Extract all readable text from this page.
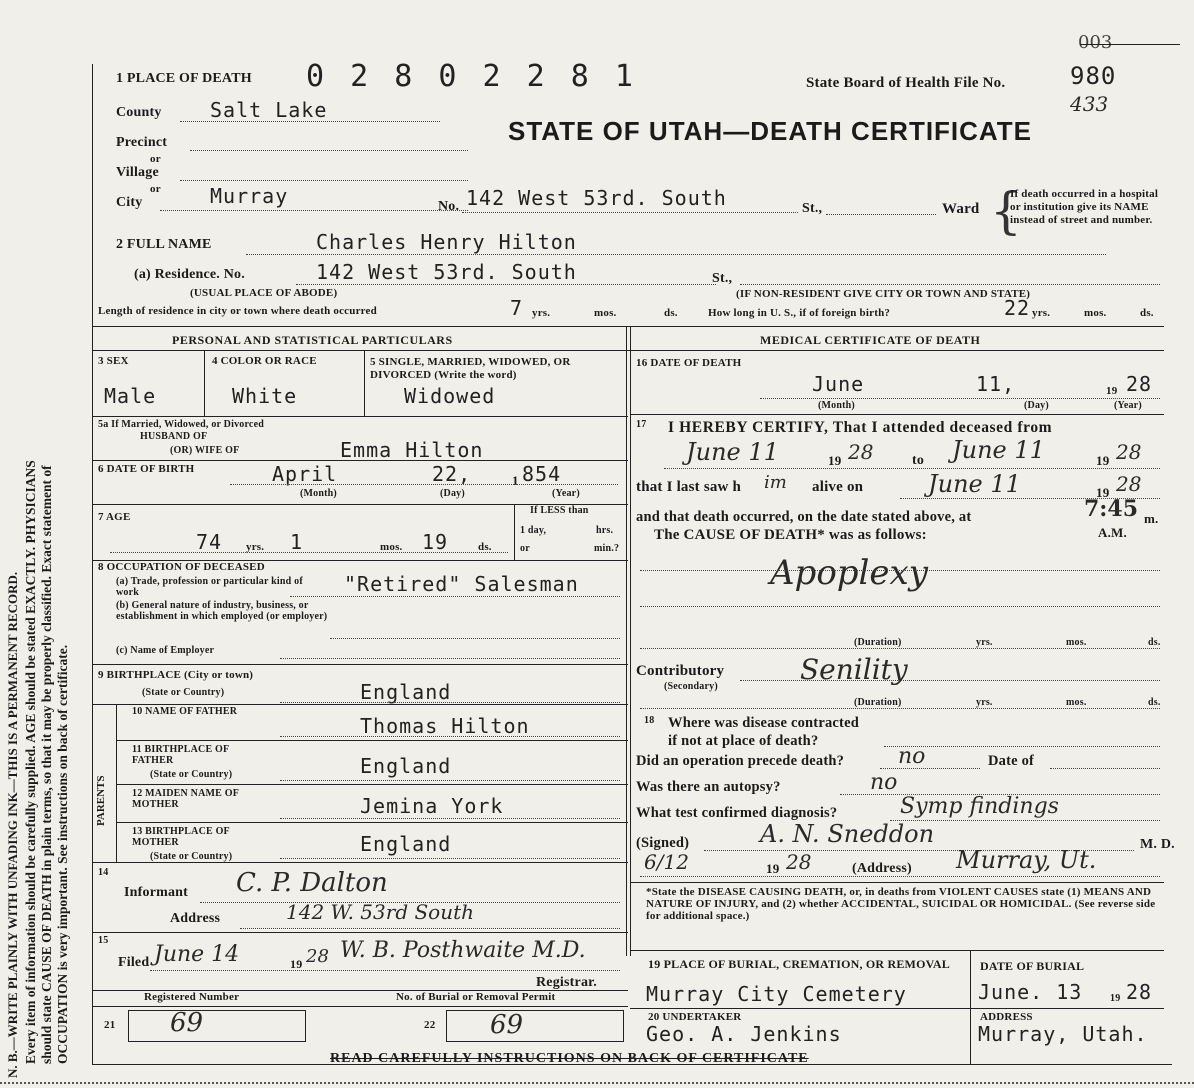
003
N. B.—WRITE PLAINLY WITH UNFADING INK—THIS IS A PERMANENT RECORD. Every item of information should be carefully supplied. AGE should be stated EXACTLY. PHYSICIANS should state CAUSE OF DEATH in plain terms, so that it may be properly classified. Exact statement of OCCUPATION is very important. See instructions on back of certificate.
1 PLACE OF DEATH 0 2 8 0 2 2 8 1	State Board of Health File No.	980
433
County Salt Lake
STATE OF UTAH—DEATH CERTIFICATE
Precinct
or
Village
or
City	Murray	No. 142 West 53rd. South	St.,	Ward {
If death occurred in a hospital or institution give its NAME instead of street and number.
2 FULL NAME	Charles Henry Hilton
(a) Residence. No.	142 West 53rd. South	St.,
(USUAL PLACE OF ABODE)	(IF NON-RESIDENT GIVE CITY OR TOWN AND STATE)
Length of residence in city or town where death occurred	7 yrs.	mos.	ds.	How long in U. S., if of foreign birth?	22 yrs.	mos.	ds.
PERSONAL AND STATISTICAL PARTICULARS	MEDICAL CERTIFICATE OF DEATH
3 SEX
Male
4 COLOR OR RACE
White
5 SINGLE, MARRIED, WIDOWED, OR DIVORCED (Write the word)
Widowed
5a If Married, Widowed, or Divorced
HUSBAND OF
(OR) WIFE OF	Emma Hilton
6 DATE OF BIRTH	April	22,	1 854
(Month)	(Day)	(Year)
7 AGE
74 yrs. 1	mos. 19	ds.
If LESS than
1 day,	hrs.
or	min.?
8 OCCUPATION OF DECEASED
(a) Trade, profession or particular kind of work	"Retired" Salesman
(b) General nature of industry, business, or establishment in which employed (or employer)
(c) Name of Employer
9 BIRTHPLACE (City or town)
(State or Country)	England
PARENTS
10 NAME OF FATHER
Thomas Hilton
11 BIRTHPLACE OF FATHER
(State or Country)	England
12 MAIDEN NAME OF MOTHER	Jemina York
13 BIRTHPLACE OF MOTHER
(State or Country)
England
14
Informant C. P. Dalton
Address	142 W. 53rd South
15
Filed June 14	19 28 W. B. Posthwaite M.D.
Registrar.
Registered Number	No. of Burial or Removal Permit
21 69	22 69
16 DATE OF DEATH
June	11,	19 28
(Month)	(Day)	(Year)
17 I HEREBY CERTIFY, That I attended deceased from
June 11	19 28	to June 11	19 28
that I last saw h im alive on	June 11	19 28
and that death occurred, on the date stated above, at	7:45 m.
A.M.
The CAUSE OF DEATH* was as follows:
Apoplexy
(Duration)	yrs.	mos.	ds.
Contributory
(Secondary)
Senility
(Duration)	yrs.	mos.	ds.
18 Where was disease contracted
if not at place of death?
Did an operation precede death? no	Date of
Was there an autopsy?	no
What test confirmed diagnosis?	Symp findings
(Signed)	A. N. Sneddon	M. D.
6/12	19 28	(Address) Murray, Ut.
*State the DISEASE CAUSING DEATH, or, in deaths from VIOLENT CAUSES state (1) MEANS AND NATURE OF INJURY, and (2) whether ACCIDENTAL, SUICIDAL OR HOMICIDAL. (See reverse side for additional space.)
19 PLACE OF BURIAL, CREMATION, OR REMOVAL
Murray City Cemetery
DATE OF BURIAL
June. 13	19 28
20 UNDERTAKER
Geo. A. Jenkins
ADDRESS
Murray, Utah.
READ CAREFULLY INSTRUCTIONS ON BACK OF CERTIFICATE
